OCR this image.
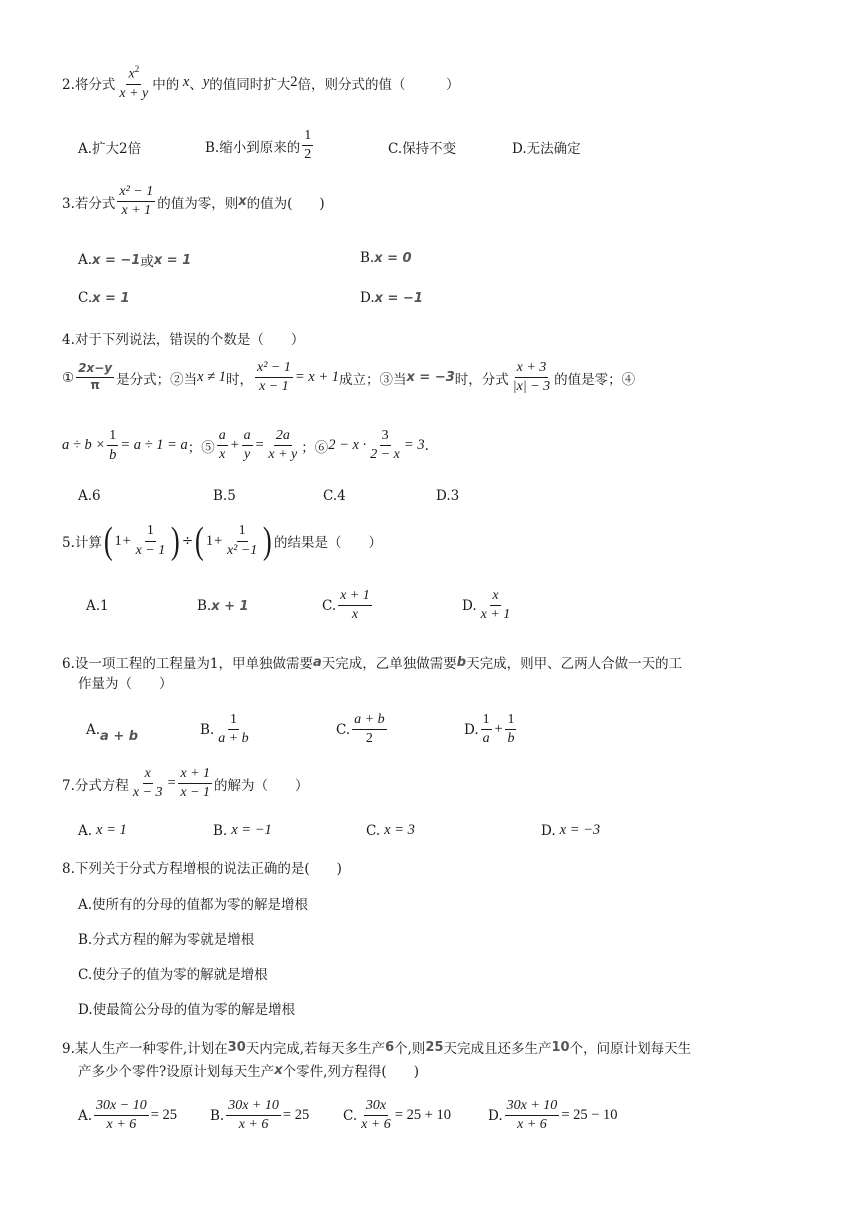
2.将分式
$x^2$
x + y
中的
x 、 y 的值同时扩大 2 倍，则分式的值（　　　）
A.扩大2倍	B.缩小到原来的
1
2	C.保持不变	D.无法确定
3.若分式
x² − 1
x + 1 的值为零，则 x 的值为(　　)
A. x = −1 或 x = 1	B. x = 0
C. x = 1	D. x = −1
4.对于下列说法，错误的个数是（　　）
①
2x−y
π 是分式；②当 x ≠ 1 时， $\frac{\text{x² − 1}}{x - 1} = x + 1$ 成立；③当 x = −3 时，分式
x + 3
|x| − 3 的值是零；④
$a \div b \times \frac{1}{b} = a \div 1 = a$ ；⑤
a
x
+ $\frac{a}{y} = \frac{2a}{x + y}$ ；⑥ $2 - x \cdot \frac{3}{2 - x} = 3$ .
A.6	B.5	C.4	D.3
5.计算 ( $1 + \frac{1}{x - 1}$ ) ÷ ( $1 + \frac{1}{\text{x² −1}}$ ) 的结果是（　　）
A.1	B. x + 1	C.
x + 1
x
D.
x
x + 1
6.设一项工程的工程量为1，甲单独做需要 a 天完成，乙单独做需要 b 天完成，则甲、乙两人合做一天的工
作量为（　　）
A. a + b	B.
1
a + b
C.
a + b
2
D.
1
a
+ $\frac{1}{b}$
7.分式方程 $\frac{x}{x - 3} = \frac{x + 1}{x - 1}$ 的解为（　　）
A. x = 1	B. x = −1	C. x = 3	D. x = −3
8.下列关于分式方程增根的说法正确的是(　　)
A.使所有的分母的值都为零的解是增根
B.分式方程的解为零就是增根
C.使分子的值为零的解就是增根
D.使最简公分母的值为零的解是增根
9.某人生产一种零件,计划在 30 天内完成,若每天多生产 6 个,则 25 天完成且还多生产 10 个，问原计划每天生
产多少个零件?设原计划每天生产 x 个零件,列方程得(　　)
A. $\frac{30x - 10}{x + 6} = 25$ B. $\frac{30x + 10}{x + 6} = 25$	C. $\frac{30x}{x + 6} = 25 + 10$	D. $\frac{30x + 10}{x + 6} = 25 - 10$
